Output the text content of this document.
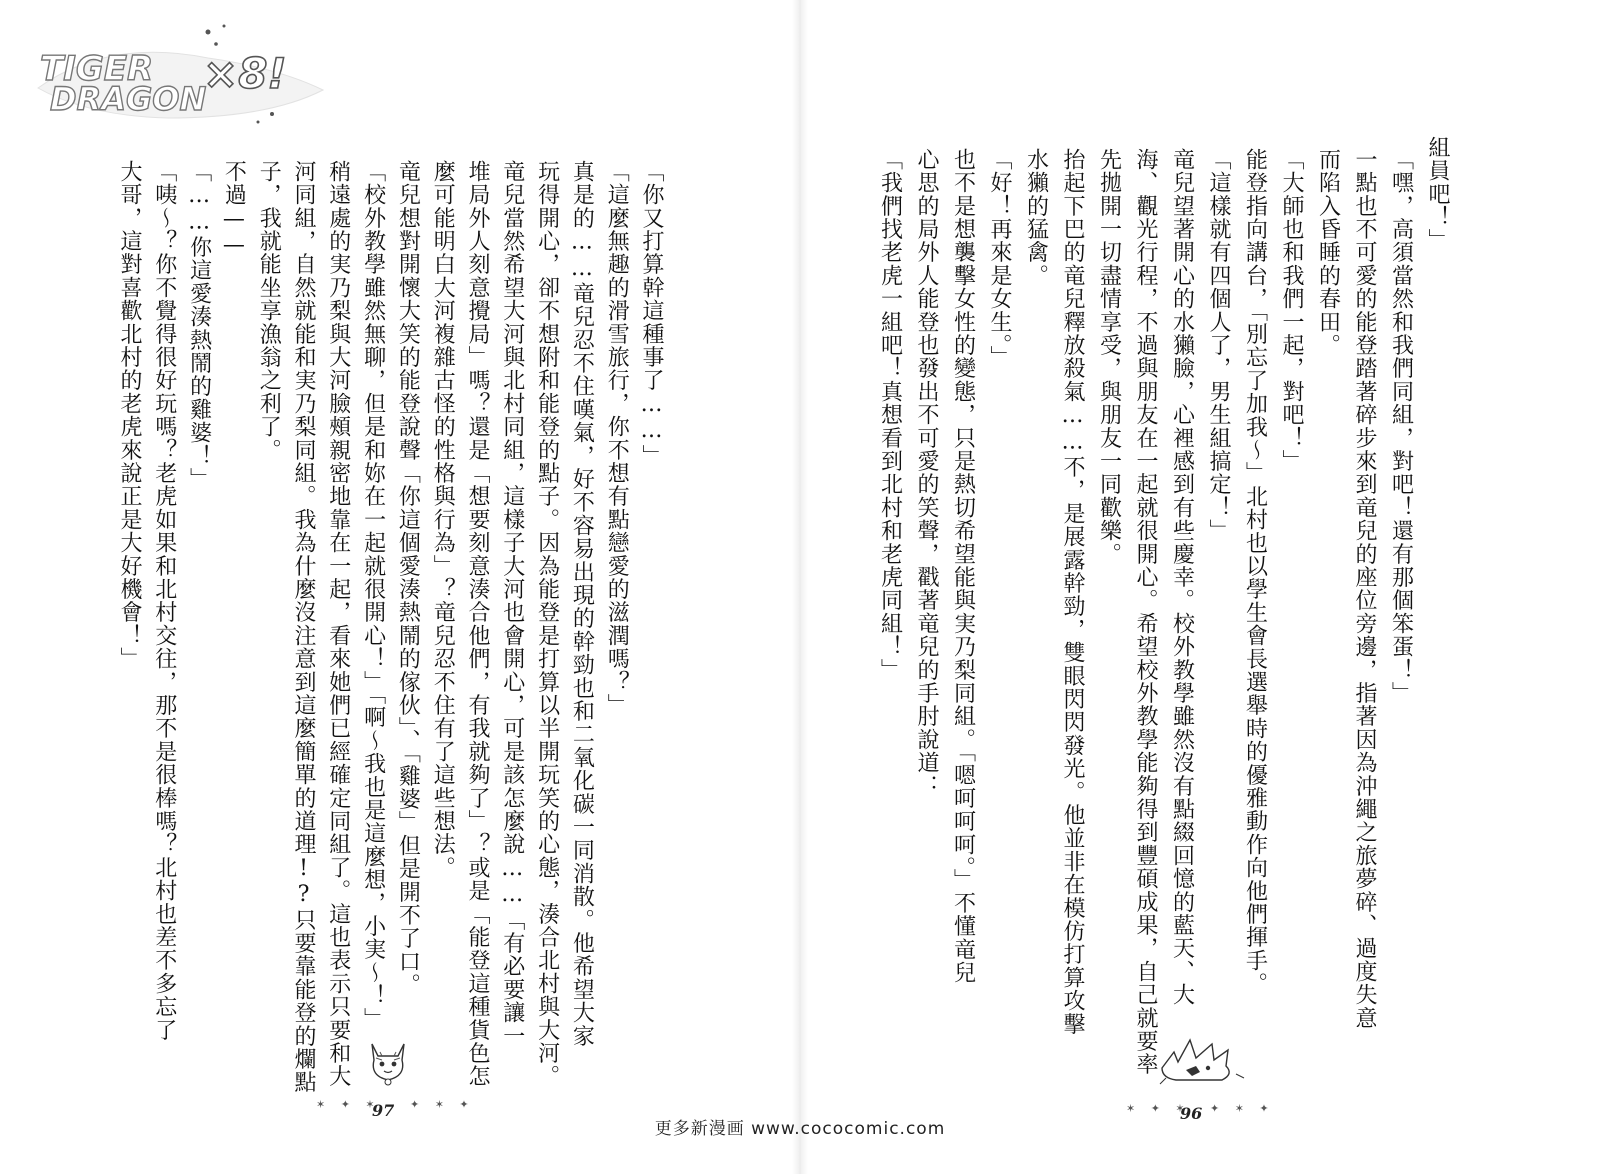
TIGER
DRAGON
×8!
「你又打算幹這種事了……」
「這麼無趣的滑雪旅行，你不想有點戀愛的滋潤嗎？」
真是的……竜兒忍不住嘆氣，好不容易出現的幹勁也和二氧化碳一同消散。他希望大家
玩得開心，卻不想附和能登的點子。因為能登是打算以半開玩笑的心態，湊合北村與大河。
竜兒當然希望大河與北村同組，這樣子大河也會開心，可是該怎麼說……「有必要讓一
堆局外人刻意攪局」嗎？還是「想要刻意湊合他們，有我就夠了」？或是「能登這種貨色怎
麼可能明白大河複雜古怪的性格與行為」？竜兒忍不住有了這些想法。
竜兒想對開懷大笑的能登說聲「你這個愛湊熱鬧的傢伙」、「雞婆」但是開不了口。
「校外教學雖然無聊，但是和妳在一起就很開心！」「啊～我也是這麼想，小実～！」
稍遠處的実乃梨與大河臉頰親密地靠在一起，看來她們已經確定同組了。這也表示只要和大
河同組，自然就能和実乃梨同組。我為什麼沒注意到這麼簡單的道理!?只要靠能登的爛點
子，我就能坐享漁翁之利了。
不過——
「……你這愛湊熱鬧的雞婆！」
「咦～？你不覺得很好玩嗎？老虎如果和北村交往，那不是很棒嗎？北村也差不多忘了
大哥，這對喜歡北村的老虎來說正是大好機會！」
✶ ✦ ✶
97 ✦ ✶ ✦
組員吧！」
「嘿，高須當然和我們同組，對吧！還有那個笨蛋！」
一點也不可愛的能登踏著碎步來到竜兒的座位旁邊，指著因為沖繩之旅夢碎、過度失意
而陷入昏睡的春田。
「大師也和我們一起，對吧！」
能登指向講台，「別忘了加我～」北村也以學生會長選舉時的優雅動作向他們揮手。
「這樣就有四個人了，男生組搞定！」
竜兒望著開心的水獺臉，心裡感到有些慶幸。校外教學雖然沒有點綴回憶的藍天、大
海、觀光行程，不過與朋友在一起就很開心。希望校外教學能夠得到豐碩成果，自己就要率
先拋開一切盡情享受，與朋友一同歡樂。
抬起下巴的竜兒釋放殺氣……不，是展露幹勁，雙眼閃閃發光。他並非在模仿打算攻擊
水獺的猛禽。
「好！再來是女生。」
也不是想襲擊女性的變態，只是熱切希望能與実乃梨同組。「嗯呵呵呵。」不懂竜兒
心思的局外人能登也發出不可愛的笑聲，戳著竜兒的手肘說道：
「我們找老虎一組吧！真想看到北村和老虎同組！」
✶ ✦ ✶
96 ✦ ✶ ✦
更多新漫画 www.cococomic.com
